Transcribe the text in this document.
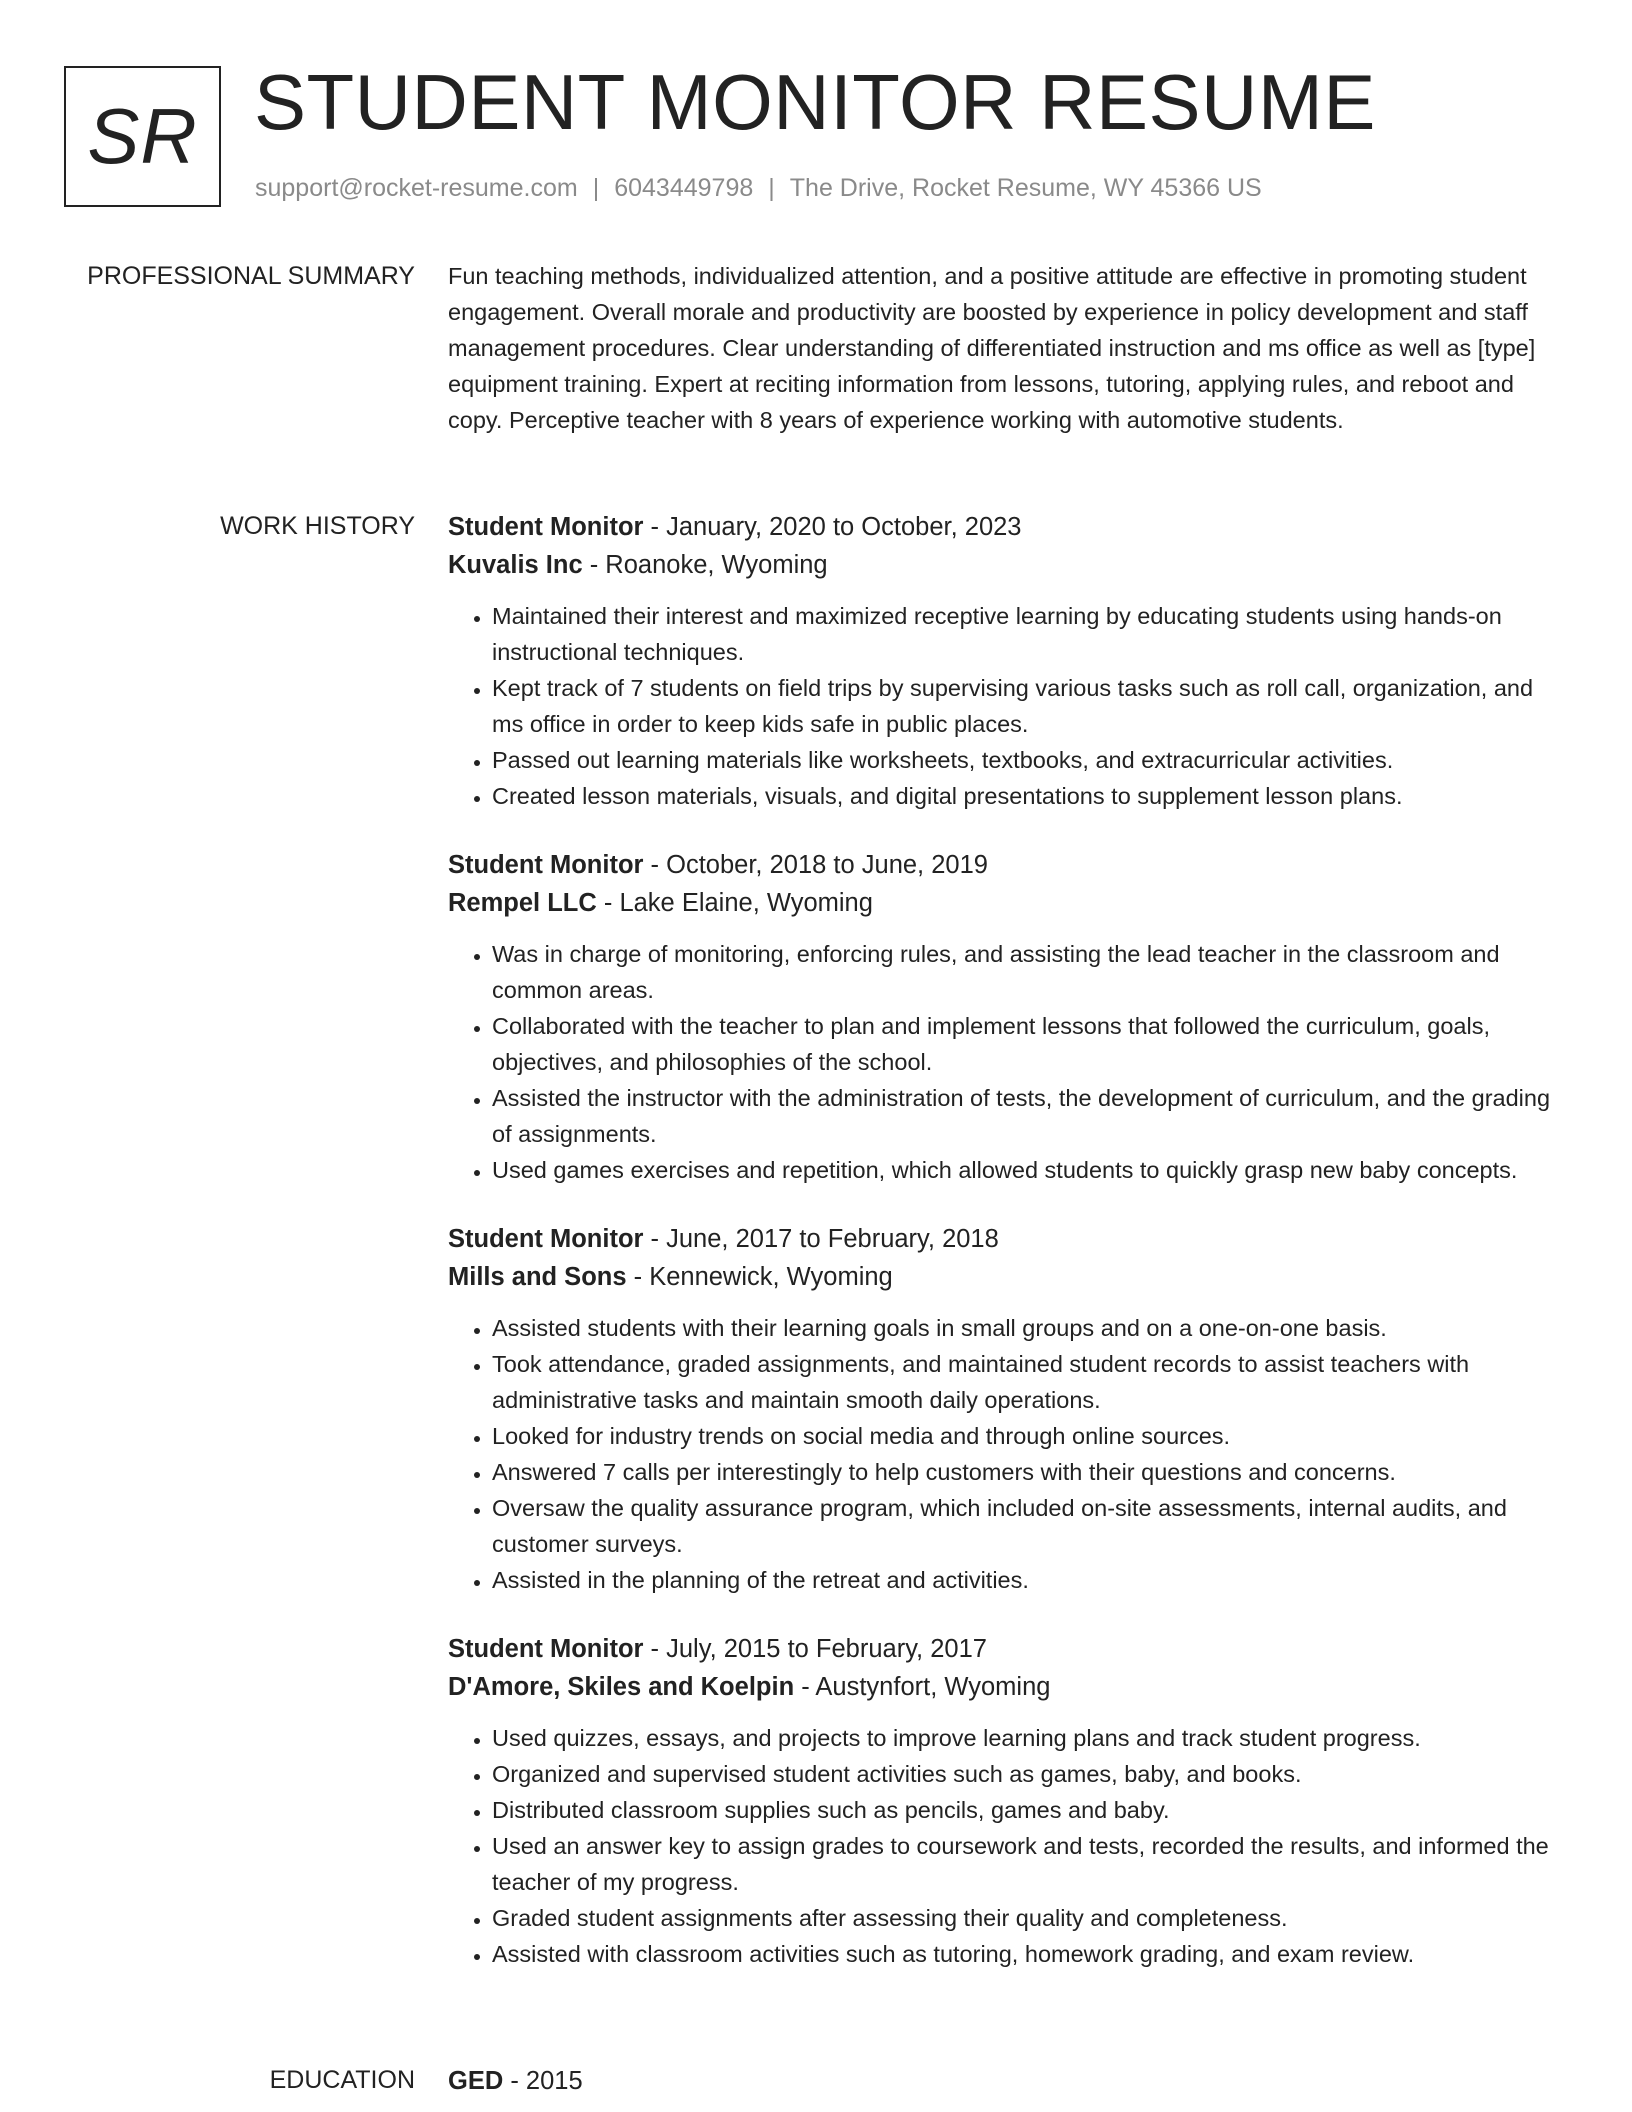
SR STUDENT MONITOR RESUME
support@rocket-resume.com | 6043449798 | The Drive, Rocket Resume, WY 45366 US
PROFESSIONAL SUMMARY Fun teaching methods, individualized attention, and a positive attitude are effective in promoting student engagement. Overall morale and productivity are boosted by experience in policy development and staff management procedures. Clear understanding of differentiated instruction and ms office as well as [type] equipment training. Expert at reciting information from lessons, tutoring, applying rules, and reboot and copy. Perceptive teacher with 8 years of experience working with automotive students.

WORK HISTORY Student Monitor - January, 2020 to October, 2023
Kuvalis Inc - Roanoke, Wyoming
• Maintained their interest and maximized receptive learning by educating students using hands-on instructional techniques.
• Kept track of 7 students on field trips by supervising various tasks such as roll call, organization, and ms office in order to keep kids safe in public places.
• Passed out learning materials like worksheets, textbooks, and extracurricular activities.
• Created lesson materials, visuals, and digital presentations to supplement lesson plans.
Student Monitor - October, 2018 to June, 2019
Rempel LLC - Lake Elaine, Wyoming
• Was in charge of monitoring, enforcing rules, and assisting the lead teacher in the classroom and common areas.
• Collaborated with the teacher to plan and implement lessons that followed the curriculum, goals, objectives, and philosophies of the school.
• Assisted the instructor with the administration of tests, the development of curriculum, and the grading of assignments.
• Used games exercises and repetition, which allowed students to quickly grasp new baby concepts.
Student Monitor - June, 2017 to February, 2018
Mills and Sons - Kennewick, Wyoming
• Assisted students with their learning goals in small groups and on a one-on-one basis.
• Took attendance, graded assignments, and maintained student records to assist teachers with administrative tasks and maintain smooth daily operations.
• Looked for industry trends on social media and through online sources.
• Answered 7 calls per interestingly to help customers with their questions and concerns.
• Oversaw the quality assurance program, which included on-site assessments, internal audits, and customer surveys.
• Assisted in the planning of the retreat and activities.
Student Monitor - July, 2015 to February, 2017
D'Amore, Skiles and Koelpin - Austynfort, Wyoming
• Used quizzes, essays, and projects to improve learning plans and track student progress.
• Organized and supervised student activities such as games, baby, and books.
• Distributed classroom supplies such as pencils, games and baby.
• Used an answer key to assign grades to coursework and tests, recorded the results, and informed the teacher of my progress.
• Graded student assignments after assessing their quality and completeness.
• Assisted with classroom activities such as tutoring, homework grading, and exam review.
EDUCATION GED - 2015
